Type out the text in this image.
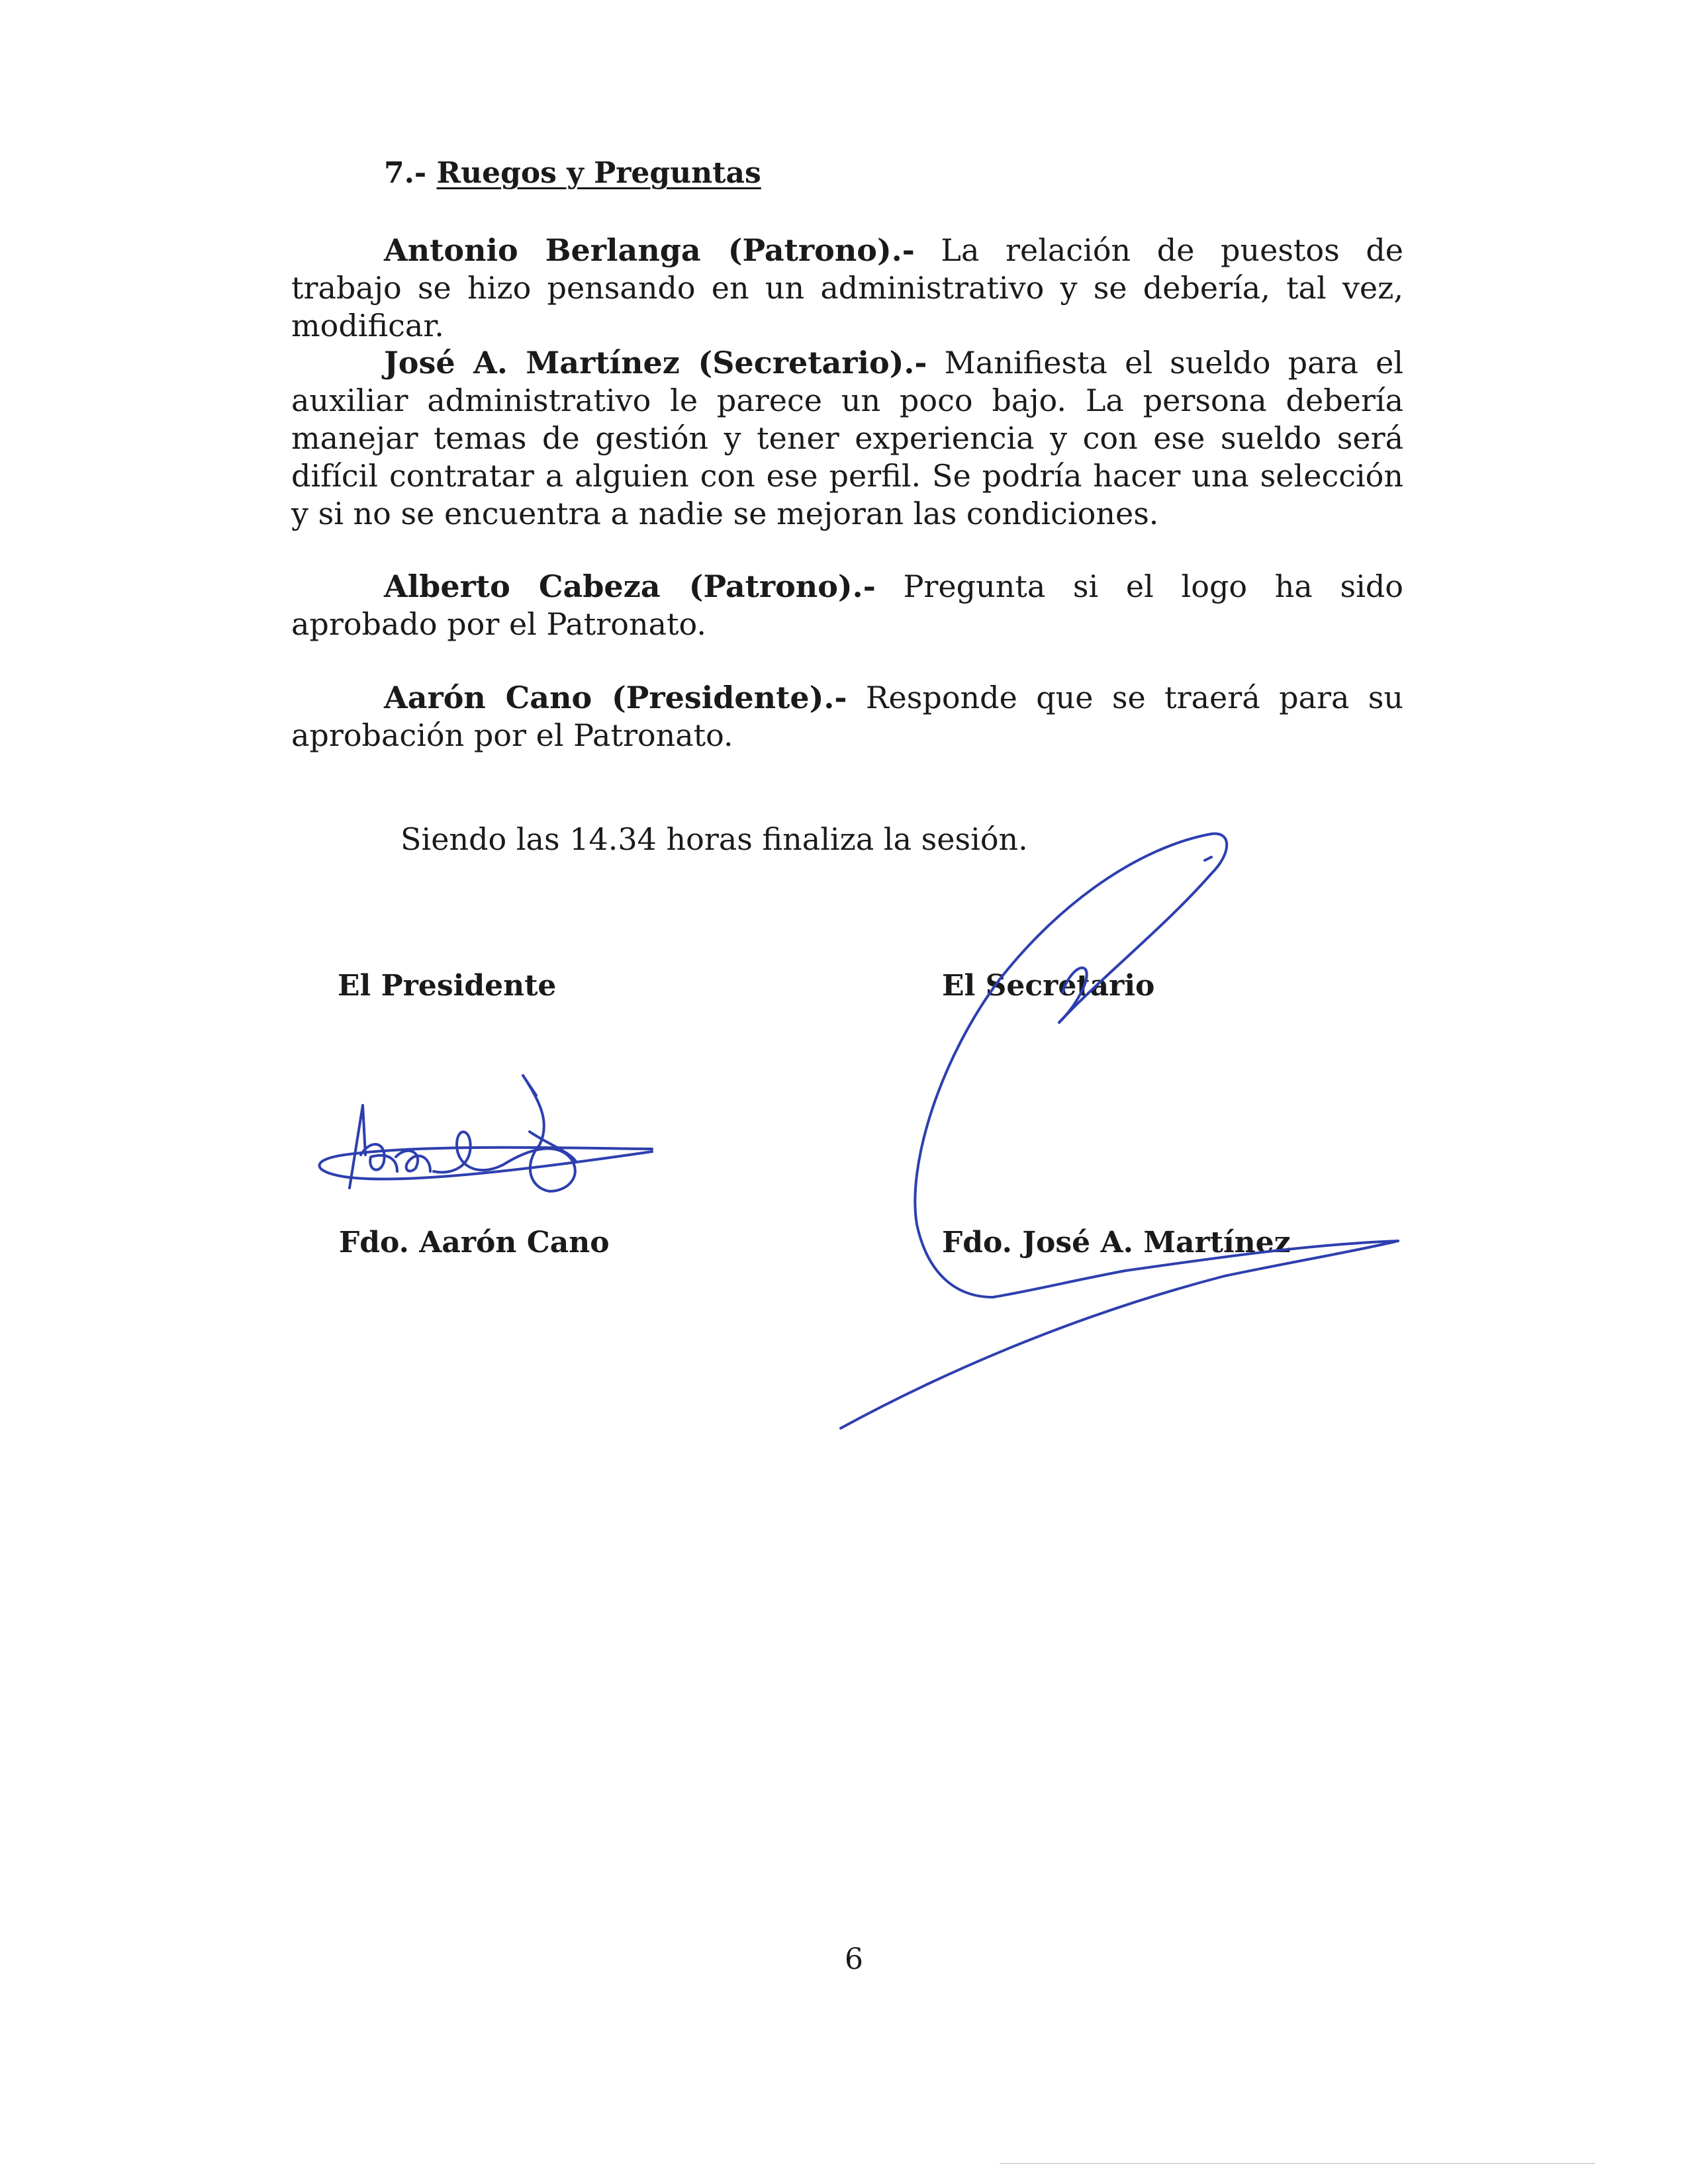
7.- Ruegos y Preguntas

Antonio Berlanga (Patrono).- La relación de puestos de trabajo se hizo pensando en un administrativo y se debería, tal vez, modificar.

José A. Martínez (Secretario).- Manifiesta el sueldo para el auxiliar administrativo le parece un poco bajo. La persona debería manejar temas de gestión y tener experiencia y con ese sueldo será difícil contratar a alguien con ese perfil. Se podría hacer una selección y si no se encuentra a nadie se mejoran las condiciones.

Alberto Cabeza (Patrono).- Pregunta si el logo ha sido aprobado por el Patronato.

Aarón Cano (Presidente).- Responde que se traerá para su aprobación por el Patronato.

Siendo las 14.34 horas finaliza la sesión.

El Presidente	El Secretario

Fdo. Aarón Cano	Fdo. José A. Martínez

6
